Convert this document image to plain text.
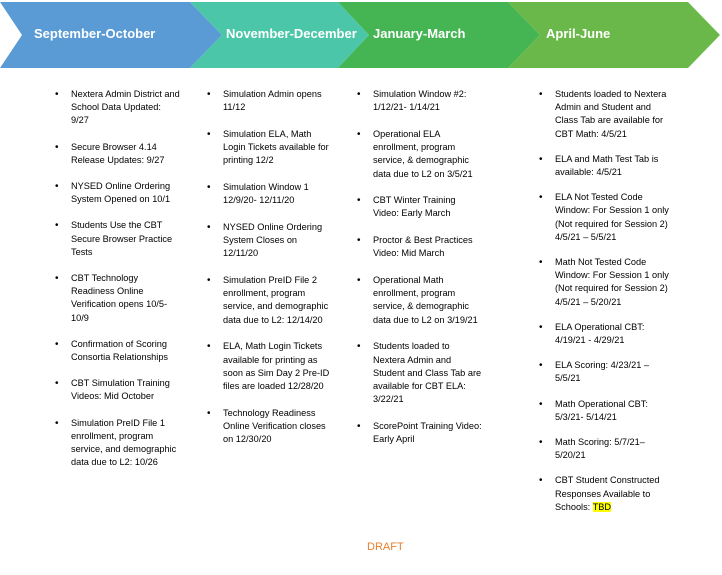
September-October	November-December January-March	April-June
• Nextera Admin District and School Data Updated: 9/27
• Secure Browser 4.14 Release Updates: 9/27
• NYSED Online Ordering System Opened on 10/1
• Students Use the CBT Secure Browser Practice Tests
• CBT Technology Readiness Online Verification opens 10/5- 10/9
• Confirmation of Scoring Consortia Relationships
• CBT Simulation Training Videos: Mid October
• Simulation PreID File 1 enrollment, program service, and demographic data due to L2: 10/26
• Simulation Admin opens 11/12
• Simulation ELA, Math Login Tickets available for printing 12/2
• Simulation Window 1 12/9/20- 12/11/20
• NYSED Online Ordering System Closes on 12/11/20
• Simulation PreID File 2 enrollment, program service, and demographic data due to L2: 12/14/20
• ELA, Math Login Tickets available for printing as soon as Sim Day 2 Pre-ID files are loaded 12/28/20
• Technology Readiness Online Verification closes on 12/30/20
• Simulation Window #2: 1/12/21- 1/14/21
• Operational ELA enrollment, program service, & demographic data due to L2 on 3/5/21
• CBT Winter Training Video: Early March
• Proctor & Best Practices Video: Mid March
• Operational Math enrollment, program service, & demographic data due to L2 on 3/19/21
• Students loaded to Nextera Admin and Student and Class Tab are available for CBT ELA: 3/22/21
• ScorePoint Training Video: Early April
• Students loaded to Nextera Admin and Student and Class Tab are available for CBT Math: 4/5/21
• ELA and Math Test Tab is available: 4/5/21
• ELA Not Tested Code Window: For Session 1 only (Not required for Session 2) 4/5/21 – 5/5/21
• Math Not Tested Code Window: For Session 1 only (Not required for Session 2) 4/5/21 – 5/20/21
• ELA Operational CBT: 4/19/21 - 4/29/21
• ELA Scoring: 4/23/21 – 5/5/21
• Math Operational CBT: 5/3/21- 5/14/21
• Math Scoring: 5/7/21– 5/20/21
• CBT Student Constructed Responses Available to Schools: TBD
DRAFT
